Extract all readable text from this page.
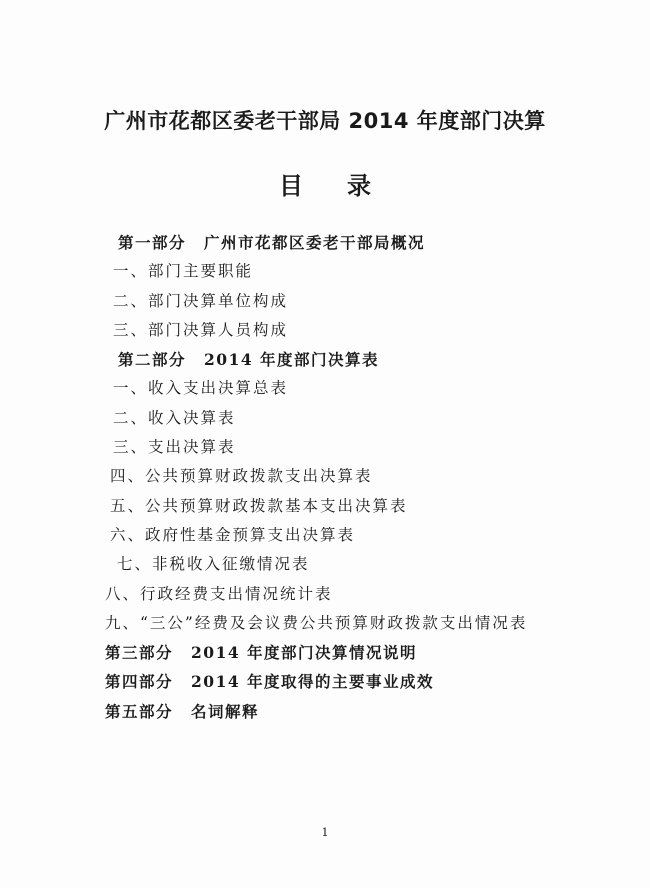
广州市花都区委老干部局 2014 年度部门决算
目录
第一部分 广州市花都区委老干部局概况
一、部门主要职能
二、部门决算单位构成
三、部门决算人员构成
第二部分 2014 年度部门决算表
一、收入支出决算总表
二、收入决算表
三、支出决算表
四、公共预算财政拨款支出决算表
五、公共预算财政拨款基本支出决算表
六、政府性基金预算支出决算表
七、非税收入征缴情况表
八、行政经费支出情况统计表
九、“三公”经费及会议费公共预算财政拨款支出情况表
第三部分 2014 年度部门决算情况说明
第四部分 2014 年度取得的主要事业成效
第五部分 名词解释

1
